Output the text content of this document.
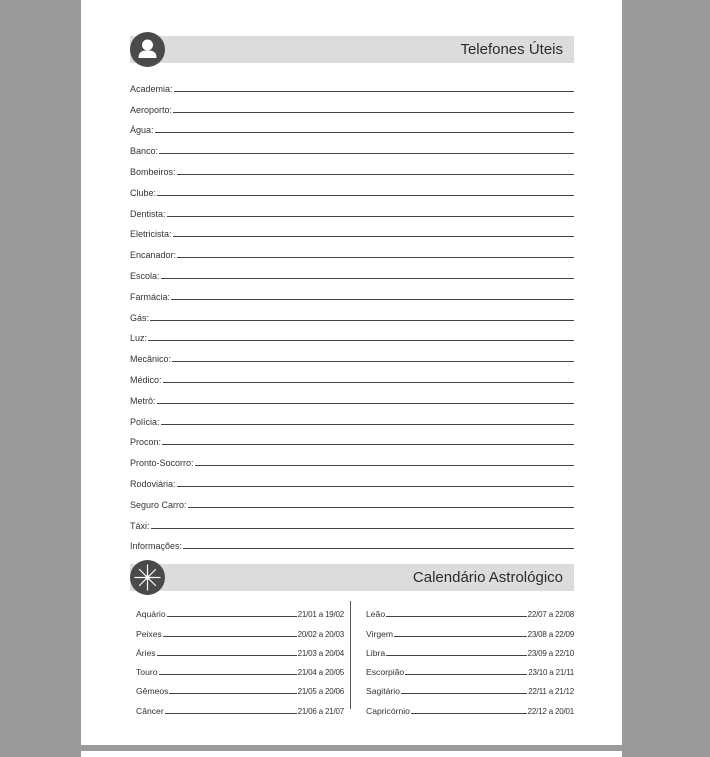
Telefones Úteis
Academia:
Aeroporto:
Água:
Banco:
Bombeiros:
Clube:
Dentista:
Eletricista:
Encanador:
Escola:
Farmácia:
Gás:
Luz:
Mecânico:
Médico:
Metrô:
Polícia:
Procon:
Pronto-Socorro:
Rodoviária:
Seguro Carro:
Táxi:
Informações:
Calendário Astrológico
Aquário	21/01 a 19/02
Peixes	20/02 a 20/03
Áries	21/03 a 20/04
Touro	21/04 a 20/05
Gêmeos	21/05 a 20/06
Câncer	21/06 a 21/07
Leão	22/07 a 22/08
Virgem	23/08 a 22/09
Libra	23/09 a 22/10
Escorpião	23/10 a 21/11
Sagitário	22/11 a 21/12
Capricórnio	22/12 a 20/01
